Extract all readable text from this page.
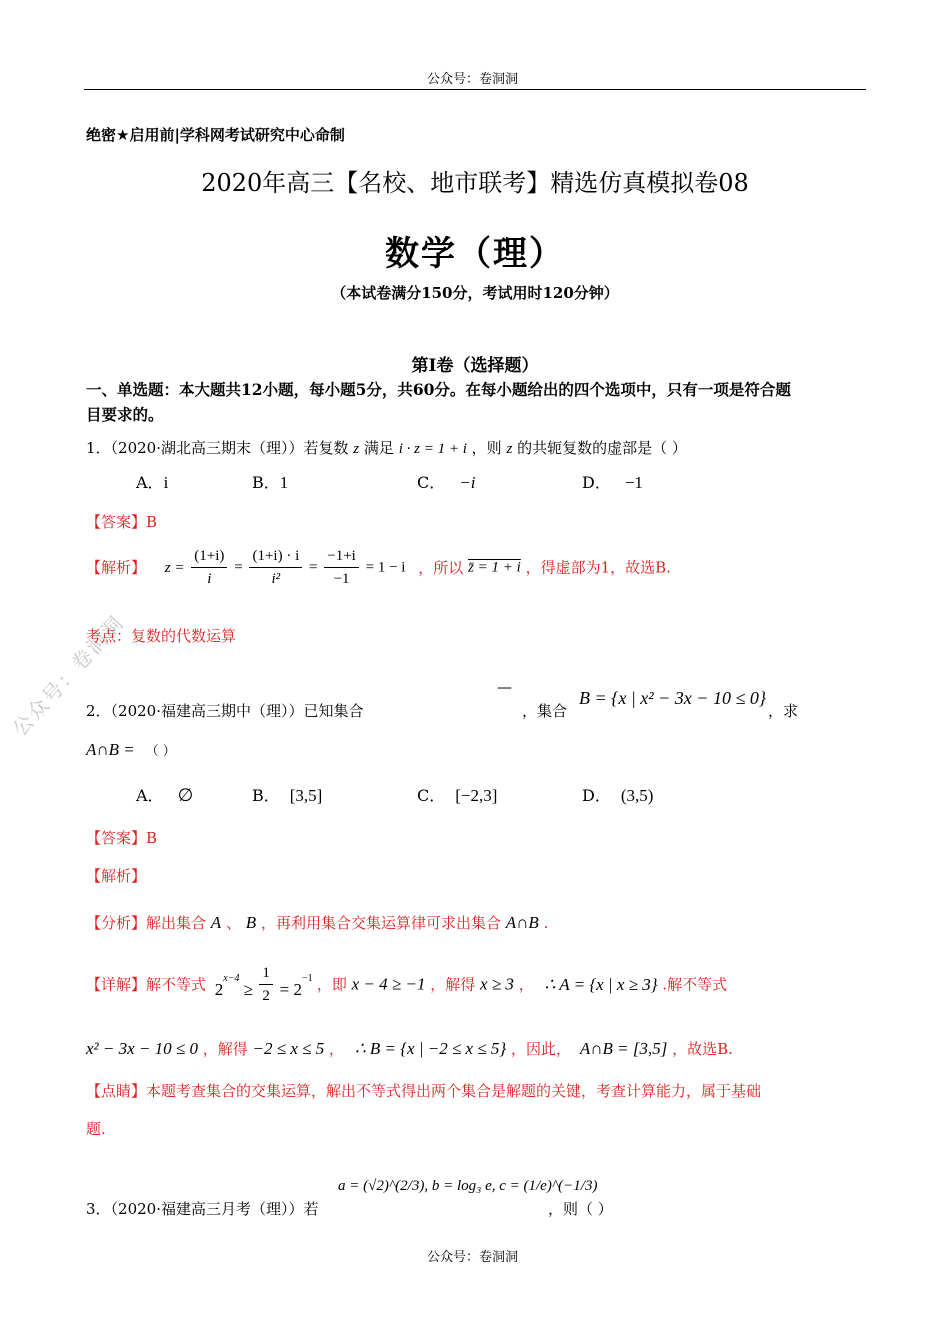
公众号：卷洞洞
公众号：卷洞洞
绝密★启用前|学科网考试研究中心命制
2020年高三【名校、地市联考】精选仿真模拟卷08
数学（理）
（本试卷满分150分，考试用时120分钟）
第Ⅰ卷（选择题）
一、单选题：本大题共12小题，每小题5分，共60分。在每小题给出的四个选项中，只有一项是符合题
目要求的。
1．（2020·湖北高三期末（理））若复数 z 满足 i · z = 1 + i ，则 z 的共轭复数的虚部是（ ）
A．i	B．1	C． −i	D． −1
【答案】B
【解析】 $z = \frac{(1+i)}{i} = \frac{(1+i) \cdot i}{\text{i²}} = \frac{-1+i}{-1} = 1 - i$ ，所以 z̄ = 1 + i ，得虚部为1，故选B.
考点：复数的代数运算
2．（2020·福建高三期中（理））已知集合
—
，集合
B = {x | x² − 3x − 10 ≤ 0}
，求
A∩B = （ ）
A． ∅	B． [3,5]	C． [−2,3]	D． (3,5)
【答案】B
【解析】
【分析】解出集合 A 、 B ，再利用集合交集运算律可求出集合 A∩B .
【详解】解不等式 $2^{x-4} \ge \frac{1}{2} = 2^{-1}$ ，即 x − 4 ≥ −1 ，解得 x ≥ 3 ， ∴ A = {x | x ≥ 3} .解不等式
x² − 3x − 10 ≤ 0 ，解得 −2 ≤ x ≤ 5 ， ∴ B = {x | −2 ≤ x ≤ 5} ，因此， A∩B = [3,5] ，故选B.
【点睛】本题考查集合的交集运算，解出不等式得出两个集合是解题的关键，考查计算能力，属于基础
题.
3．（2020·福建高三月考（理））若
a = (√2)^(2/3), b = log₃ e, c = (1/e)^(−1/3)
，则（ ）
公众号：卷洞洞
